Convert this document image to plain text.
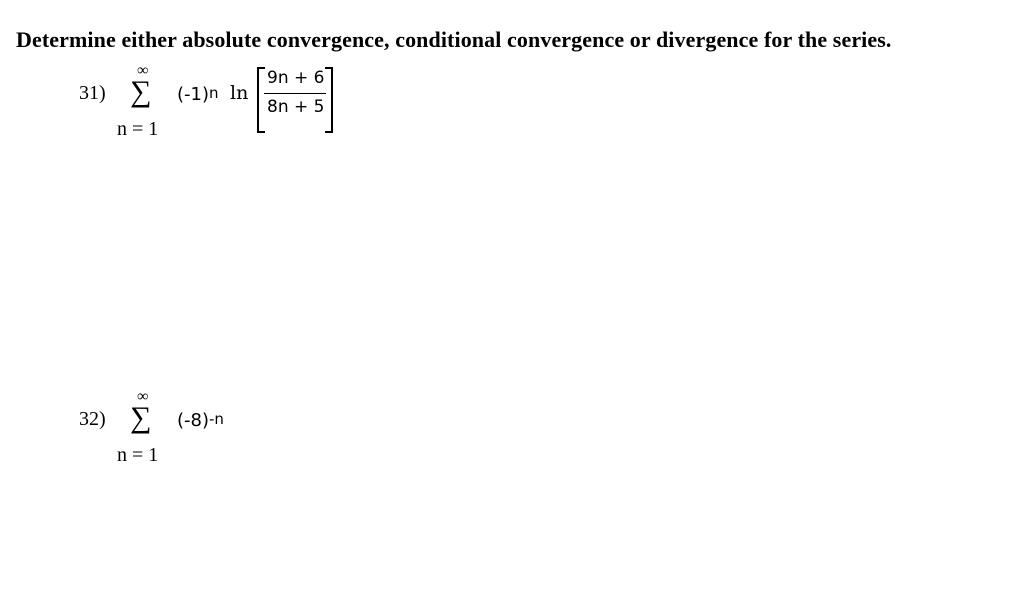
Determine either absolute convergence, conditional convergence or divergence for the series.
31)
∞
∑
n = 1
$(-1)^n$ ln
9n + 6
8n + 5
32)
∞
∑
n = 1
$(-8)^{-n}$
